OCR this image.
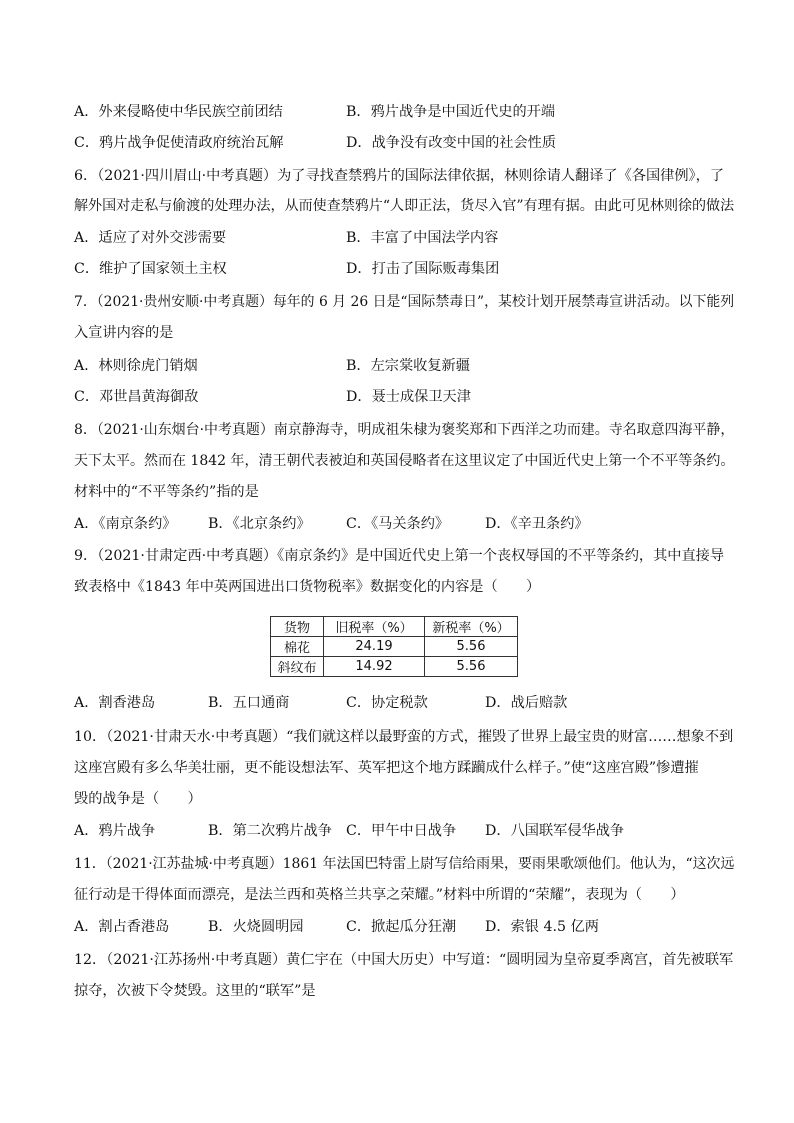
A．外来侵略使中华民族空前团结	B．鸦片战争是中国近代史的开端
C．鸦片战争促使清政府统治瓦解	D．战争没有改变中国的社会性质
6．（2021·四川眉山·中考真题）为了寻找查禁鸦片的国际法律依据，林则徐请人翻译了《各国律例》，了
解外国对走私与偷渡的处理办法，从而使查禁鸦片“人即正法，货尽入官”有理有据。由此可见林则徐的做法
A．适应了对外交涉需要	B．丰富了中国法学内容
C．维护了国家领土主权	D．打击了国际贩毒集团
7．（2021·贵州安顺·中考真题）每年的 6 月 26 日是“国际禁毒日”，某校计划开展禁毒宣讲活动。以下能列
入宣讲内容的是
A．林则徐虎门销烟	B．左宗棠收复新疆
C．邓世昌黄海御敌	D．聂士成保卫天津
8．（2021·山东烟台·中考真题）南京静海寺，明成祖朱棣为褒奖郑和下西洋之功而建。寺名取意四海平静，
天下太平。然而在 1842 年，清王朝代表被迫和英国侵略者在这里议定了中国近代史上第一个不平等条约。
材料中的“不平等条约”指的是
A．《南京条约》 B．《北京条约》 C．《马关条约》	D．《辛丑条约》
9．（2021·甘肃定西·中考真题）《南京条约》是中国近代史上第一个丧权辱国的不平等条约，其中直接导
致表格中《1843 年中英两国进出口货物税率》数据变化的内容是（　　）
货物	旧税率（%）	新税率（%）
棉花	24.19	5.56
斜纹布	14.92	5.56
A．割香港岛	B．五口通商	C．协定税款	D．战后赔款
10．（2021·甘肃天水·中考真题）“我们就这样以最野蛮的方式，摧毁了世界上最宝贵的财富……想象不到
这座宫殿有多么华美壮丽，更不能设想法军、英军把这个地方蹂躏成什么样子。”使“这座宫殿”惨遭摧
毁的战争是（　　）
A．鸦片战争	B．第二次鸦片战争 C．甲午中日战争 D．八国联军侵华战争
11．（2021·江苏盐城·中考真题）1861 年法国巴特雷上尉写信给雨果，要雨果歌颂他们。他认为，“这次远
征行动是干得体面而漂亮，是法兰西和英格兰共享之荣耀。”材料中所谓的“荣耀”，表现为（　　）
A．割占香港岛	B．火烧圆明园	C．掀起瓜分狂潮 D．索银 4.5 亿两
12．（2021·江苏扬州·中考真题）黄仁宇在（中国大历史）中写道：“圆明园为皇帝夏季离宫，首先被联军
掠夺，次被下令焚毁。这里的“联军”是
